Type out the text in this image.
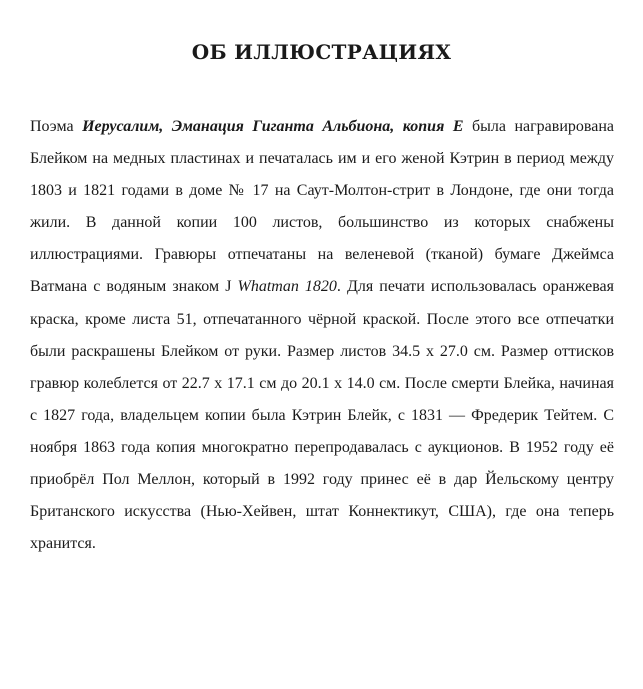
ОБ ИЛЛЮСТРАЦИЯХ

Поэма Иерусалим, Эманация Гиганта Альбиона, копия E была награвирована Блейком на медных пластинах и печаталась им и его женой Кэтрин в период между 1803 и 1821 годами в доме № 17 на Саут-Молтон-стрит в Лондоне, где они тогда жили. В данной копии 100 листов, большинство из которых снабжены иллюстрациями. Гравюры отпечатаны на веленевой (тканой) бумаге Джеймса Ватмана с водяным знаком J Whatman 1820. Для печати использовалась оранжевая краска, кроме листа 51, отпечатанного чёрной краской. После этого все отпечатки были раскрашены Блейком от руки. Размер листов 34.5 x 27.0 см. Размер оттисков гравюр колеблется от 22.7 x 17.1 см до 20.1 x 14.0 см. После смерти Блейка, начиная с 1827 года, владельцем копии была Кэтрин Блейк, с 1831 — Фредерик Тейтем. С ноября 1863 года копия многократно перепродавалась с аукционов. В 1952 году её приобрёл Пол Меллон, который в 1992 году принес её в дар Йельскому центру Британского искусства (Нью-Хейвен, штат Коннектикут, США), где она теперь хранится.
